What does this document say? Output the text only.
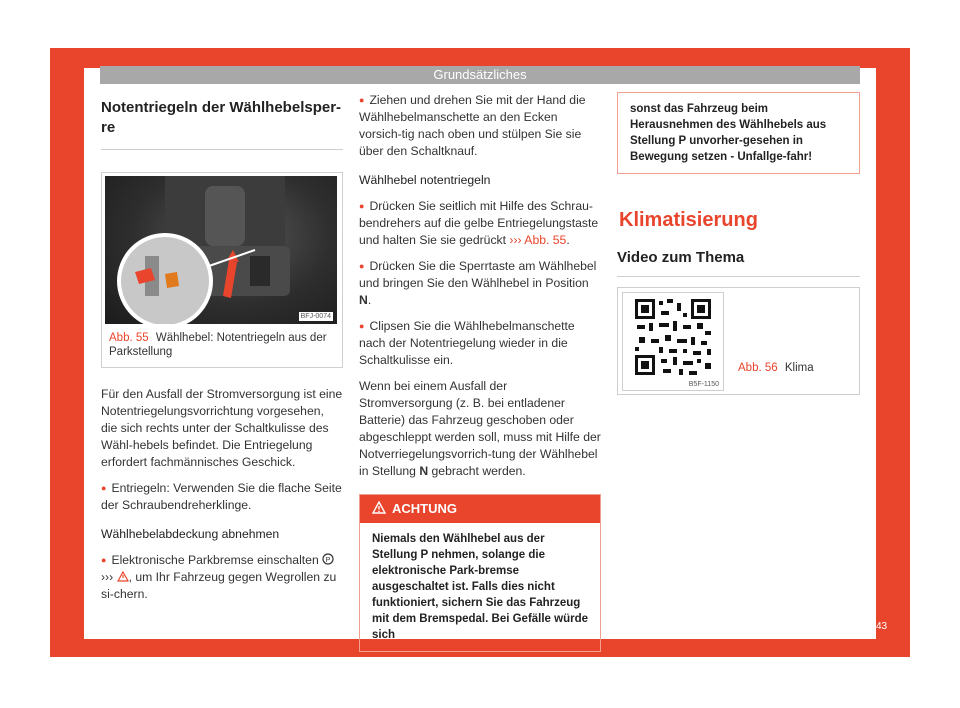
Grundsätzliches
Notentriegeln der Wählhebelsper-re
BFJ-0074
Abb. 55 Wählhebel: Notentriegeln aus der Parkstellung

Für den Ausfall der Stromversorgung ist eine Notentriegelungsvorrichtung vorgesehen, die sich rechts unter der Schaltkulisse des Wähl-hebels befindet. Die Entriegelung erfordert fachmännisches Geschick.

● Entriegeln: Verwenden Sie die flache Seite der Schraubendreherklinge.

Wählhebelabdeckung abnehmen

● Elektronische Parkbremse einschalten P

››› , um Ihr Fahrzeug gegen Wegrollen zu si-chern.

● Ziehen und drehen Sie mit der Hand die Wählhebelmanschette an den Ecken vorsich-tig nach oben und stülpen Sie sie über den Schaltknauf.

Wählhebel notentriegeln

● Drücken Sie seitlich mit Hilfe des Schrau-bendrehers auf die gelbe Entriegelungstaste und halten Sie sie gedrückt ››› Abb. 55.

● Drücken Sie die Sperrtaste am Wählhebel und bringen Sie den Wählhebel in Position N.

● Clipsen Sie die Wählhebelmanschette nach der Notentriegelung wieder in die Schaltkulisse ein.

Wenn bei einem Ausfall der Stromversorgung (z. B. bei entladener Batterie) das Fahrzeug geschoben oder abgeschleppt werden soll, muss mit Hilfe der Notverriegelungsvorrich-tung der Wählhebel in Stellung N gebracht werden.

ACHTUNG
Niemals den Wählhebel aus der Stellung P nehmen, solange die elektronische Park-bremse ausgeschaltet ist. Falls dies nicht funktioniert, sichern Sie das Fahrzeug mit dem Bremspedal. Bei Gefälle würde sich
sonst das Fahrzeug beim Herausnehmen des Wählhebels aus Stellung P unvorher-gesehen in Bewegung setzen - Unfallge-fahr!
Klimatisierung
Video zum Thema
B5F-1150
Abb. 56 Klima
43
